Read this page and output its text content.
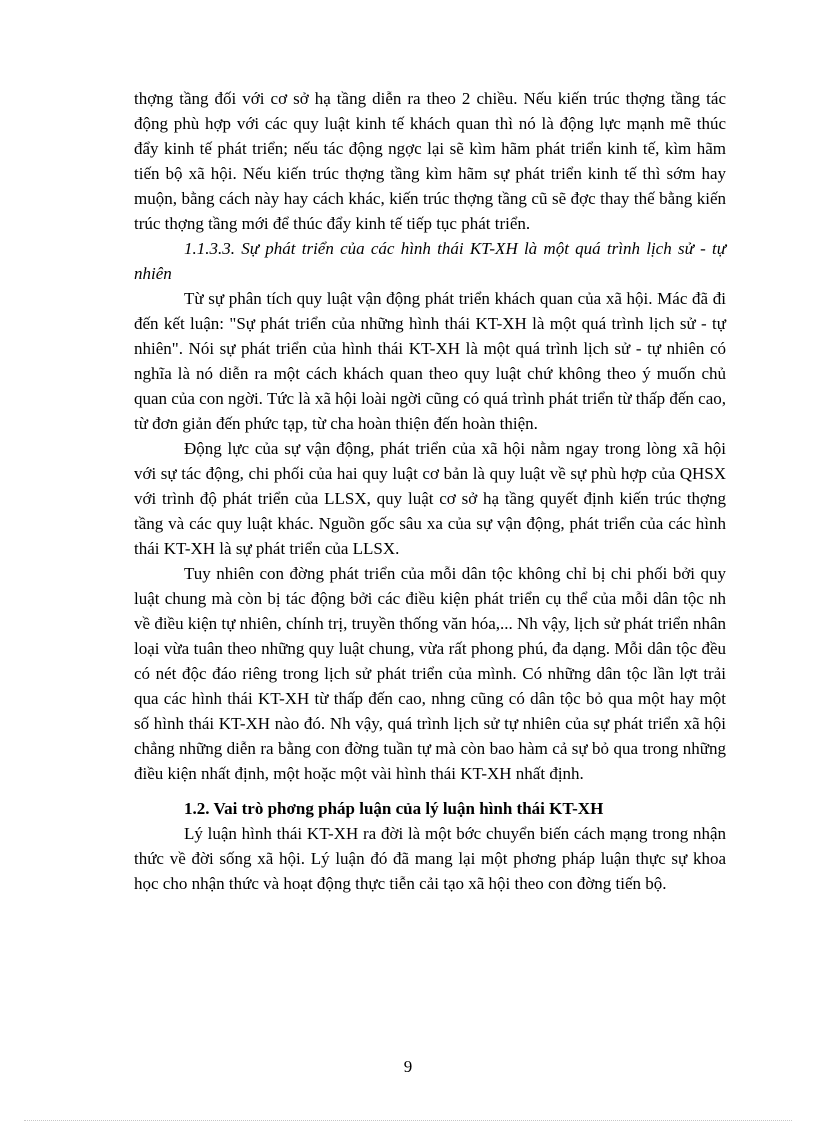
thợng tầng đối với cơ sở hạ tầng diễn ra theo 2 chiều. Nếu kiến trúc thợng tầng tác động phù hợp với các quy luật kinh tế khách quan thì nó là động lực mạnh mẽ thúc đẩy kinh tế phát triển; nếu tác động ngợc lại sẽ kìm hãm phát triển kinh tế, kìm hãm tiến bộ xã hội. Nếu kiến trúc thợng tầng kìm hãm sự phát triển kinh tế thì sớm hay muộn, bằng cách này hay cách khác, kiến trúc thợng tầng cũ sẽ đợc thay thế bằng kiến trúc thợng tầng mới để thúc đẩy kinh tế tiếp tục phát triển.

1.1.3.3. Sự phát triển của các hình thái KT-XH là một quá trình lịch sử - tự nhiên

Từ sự phân tích quy luật vận động phát triển khách quan của xã hội. Mác đã đi đến kết luận: "Sự phát triển của những hình thái KT-XH là một quá trình lịch sử - tự nhiên". Nói sự phát triển của hình thái KT-XH là một quá trình lịch sử - tự nhiên có nghĩa là nó diễn ra một cách khách quan theo quy luật chứ không theo ý muốn chủ quan của con ngời. Tức là xã hội loài ngời cũng có quá trình phát triển từ thấp đến cao, từ đơn giản đến phức tạp, từ cha hoàn thiện đến hoàn thiện.

Động lực của sự vận động, phát triển của xã hội nằm ngay trong lòng xã hội với sự tác động, chi phối của hai quy luật cơ bản là quy luật về sự phù hợp của QHSX với trình độ phát triển của LLSX, quy luật cơ sở hạ tầng quyết định kiến trúc thợng tầng và các quy luật khác. Nguồn gốc sâu xa của sự vận động, phát triển của các hình thái KT-XH là sự phát triển của LLSX.

Tuy nhiên con đờng phát triển của mỗi dân tộc không chỉ bị chi phối bởi quy luật chung mà còn bị tác động bởi các điều kiện phát triển cụ thể của mỗi dân tộc nh về điều kiện tự nhiên, chính trị, truyền thống văn hóa,... Nh vậy, lịch sử phát triển nhân loại vừa tuân theo những quy luật chung, vừa rất phong phú, đa dạng. Mỗi dân tộc đều có nét độc đáo riêng trong lịch sử phát triển của mình. Có những dân tộc lần lợt trải qua các hình thái KT-XH từ thấp đến cao, nhng cũng có dân tộc bỏ qua một hay một số hình thái KT-XH nào đó. Nh vậy, quá trình lịch sử tự nhiên của sự phát triển xã hội chẳng những diễn ra bằng con đờng tuần tự mà còn bao hàm cả sự bỏ qua trong những điều kiện nhất định, một hoặc một vài hình thái KT-XH nhất định.

1.2. Vai trò phơng pháp luận của lý luận hình thái KT-XH

Lý luận hình thái KT-XH ra đời là một bớc chuyển biến cách mạng trong nhận thức về đời sống xã hội. Lý luận đó đã mang lại một phơng pháp luận thực sự khoa học cho nhận thức và hoạt động thực tiễn cải tạo xã hội theo con đờng tiến bộ.

9
